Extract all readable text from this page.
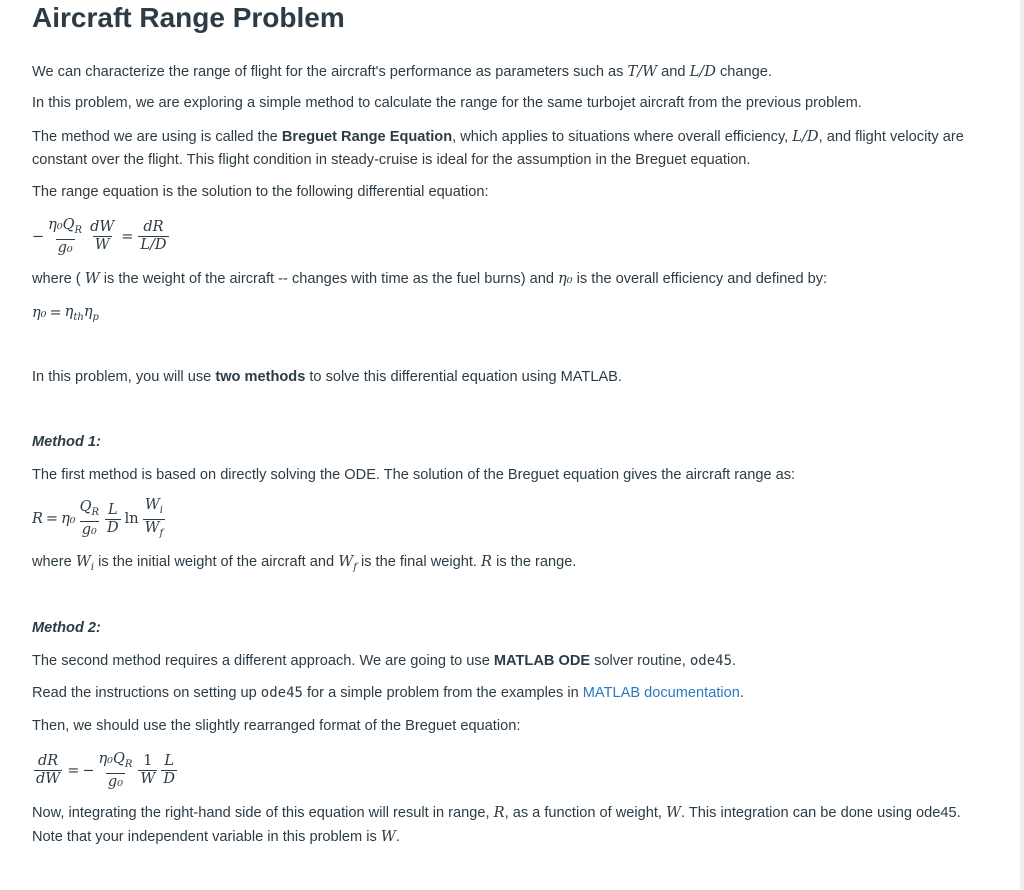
Aircraft Range Problem

We can characterize the range of flight for the aircraft's performance as parameters such as T/W and L/D change.

In this problem, we are exploring a simple method to calculate the range for the same turbojet aircraft from the previous problem.

The method we are using is called the Breguet Range Equation, which applies to situations where overall efficiency, L/D, and flight velocity are constant over the flight. This flight condition in steady-cruise is ideal for the assumption in the Breguet equation.

The range equation is the solution to the following differential equation:

− $\frac{\eta_0Q_R}{\text{g₀}} \frac{dW}{W} = \frac{dR}{L/D}$

where ( W is the weight of the aircraft -- changes with time as the fuel burns) and η₀ is the overall efficiency and defined by:

$\eta_0 = \eta_{th}\eta_p$

In this problem, you will use two methods to solve this differential equation using MATLAB.

Method 1:

The first method is based on directly solving the ODE. The solution of the Breguet equation gives the aircraft range as:

$R = \eta_0 \frac{Q_R}{\text{g₀}} \frac{L}{D}$ $\ln \frac{W_i}{W_f}$

where $W_i$ is the initial weight of the aircraft and $W_f$ is the final weight. R is the range.

Method 2:

The second method requires a different approach. We are going to use MATLAB ODE solver routine, ode45.

Read the instructions on setting up ode45 for a simple problem from the examples in MATLAB documentation.

Then, we should use the slightly rearranged format of the Breguet equation:

$\frac{dR}{dW}$ = − $\frac{\eta_0Q_R}{\text{g₀}} \frac{1}{W} \frac{L}{D}$

Now, integrating the right-hand side of this equation will result in range, R, as a function of weight, W. This integration can be done using ode45. Note that your independent variable in this problem is W.
